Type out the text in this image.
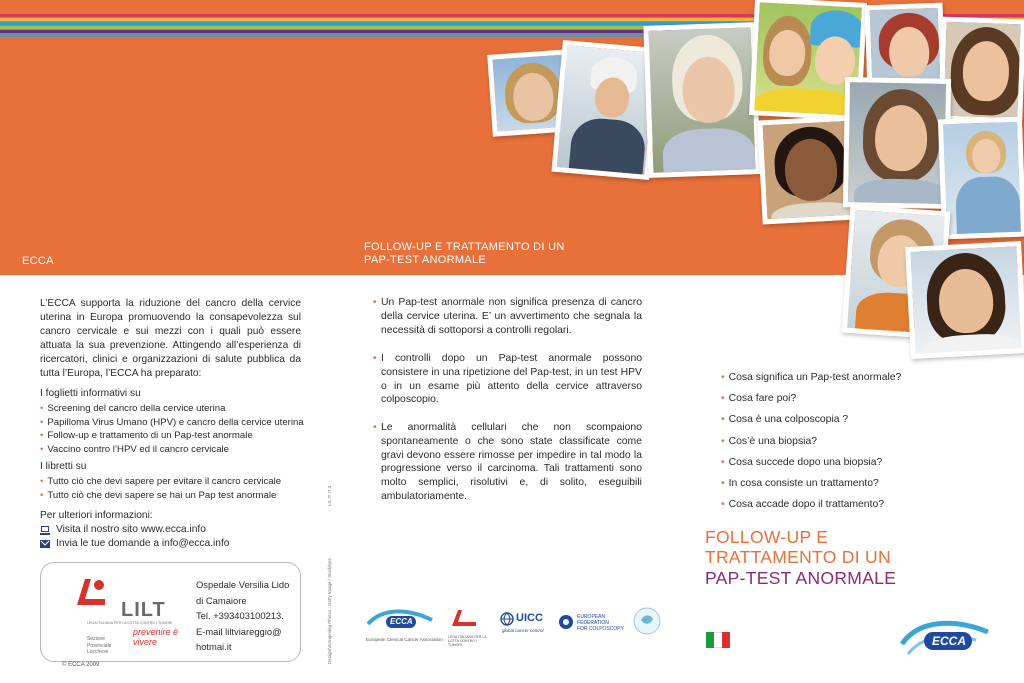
ECCA
FOLLOW-UP E TRATTAMENTO DI UN
PAP-TEST ANORMALE

L’ECCA supporta la riduzione del cancro della cervice uterina in Europa promuovendo la consapevolezza sul cancro cervicale e sui mezzi con i quali può essere attuata la sua prevenzione. Attingendo all’esperienza di ricercatori, clinici e organizzazioni di salute pubblica da tutta l’Europa, l’ECCA ha preparato:

I foglietti informativi su
• Screening del cancro della cervice uterina
• Papilloma Virus Umano (HPV) e cancro della cervice uterina
• Follow-up e trattamento di un Pap-test anormale
• Vaccino contro l’HPV ed il cancro cervicale
I libretti su
• Tutto ciò che devi sapere per evitare il cancro cervicale
• Tutto ciò che devi sapere se hai un Pap test anormale
Per ulteriori informazioni:
Visita il nostro sito www.ecca.info
Invia le tue domande a info@ecca.info
LILT
LEGA ITALIANA PER LA LOTTA CONTRO I TUMORI
prevenire è vivere
Sezione
Provinciale
Lucchese
Ospedale Versilia Lido
di Camaiore
Tel. +393403100213.
E-mail liltviareggio@
hotmai.it
© ECCA 2009
LIL IT IT 3
Design/Vormgeving Photos : Getty Image / Stockbyte
• Un Pap-test anormale non significa presenza di cancro della cervice uterina. E’ un avvertimento che segnala la necessità di sottoporsi a controlli regolari.
• I controlli dopo un Pap-test anormale possono consistere in una ripetizione del Pap-test, in un test HPV o in un esame più attento della cervice attraverso colposcopio.
• Le anormalità cellulari che non scompaiono spontaneamente o che sono state classificate come gravi devono essere rimosse per impedire in tal modo la progressione verso il carcinoma. Tali trattamenti sono molto semplici, risolutivi e, di solito, eseguibili ambulatoriamente.
ECCA
European Cervical Cancer Association	LEGA ITALIANA PER LA LOTTA CONTRO I TUMORI
UICC
global cancer control
EUROPEAN
FEDERATION
FOR COLPOSCOPY
• Cosa significa un Pap-test anormale?
• Cosa fare poi?
• Cosa è una colposcopia ?
• Cos’è una biopsia?
• Cosa succede dopo una biopsia?
• In cosa consiste un trattamento?
• Cosa accade dopo il trattamento?
FOLLOW-UP E
TRATTAMENTO DI UN
PAP-TEST ANORMALE
ECCA
